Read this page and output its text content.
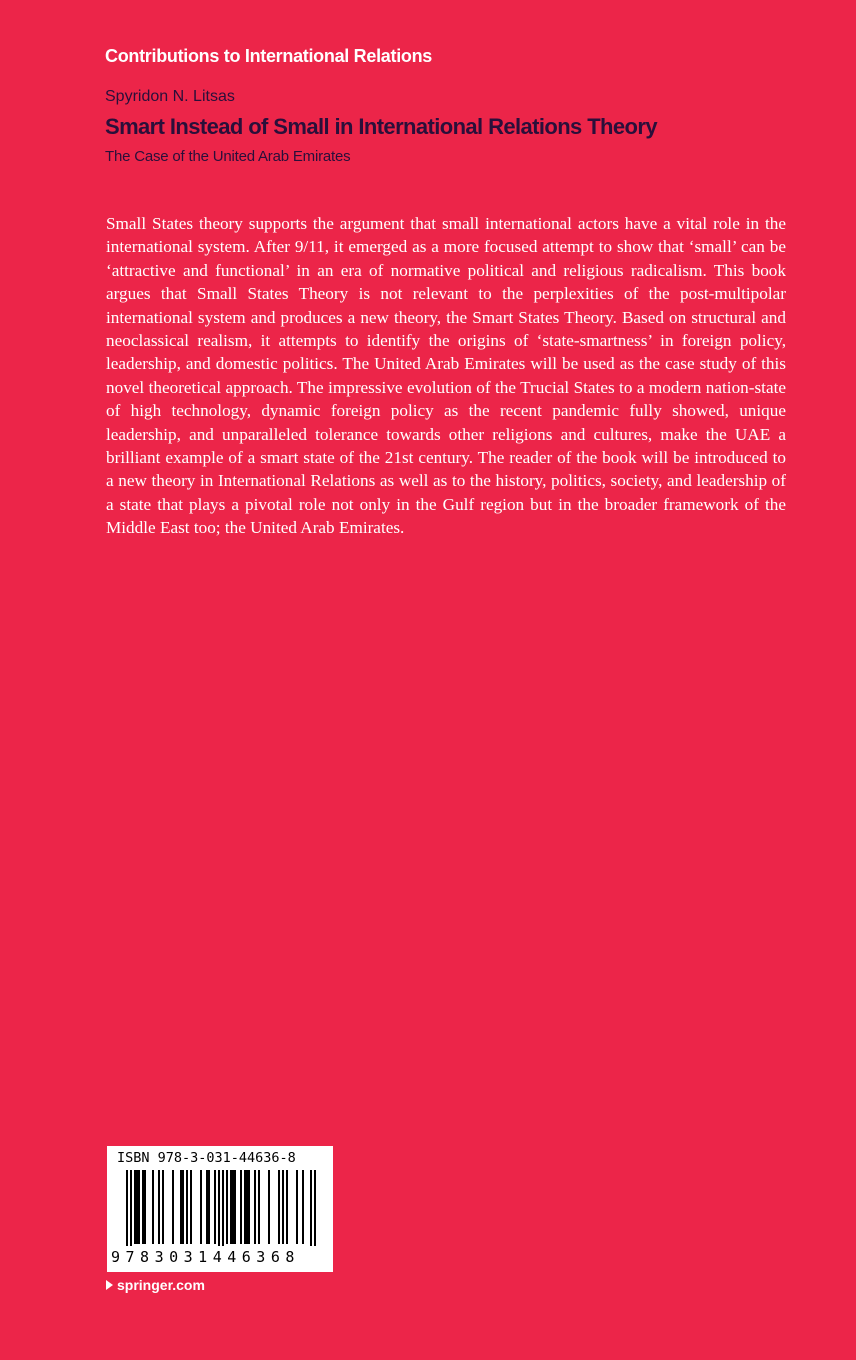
Contributions to International Relations
Spyridon N. Litsas
Smart Instead of Small in International Relations Theory
The Case of the United Arab Emirates

Small States theory supports the argument that small international actors have a vital role in the international system. After 9/11, it emerged as a more focused attempt to show that ‘small’ can be ‘attractive and functional’ in an era of normative political and religious radicalism. This book argues that Small States Theory is not relevant to the perplexities of the post-multipolar international system and produces a new theory, the Smart States Theory. Based on structural and neoclassical realism, it attempts to identify the origins of ‘state-smartness’ in foreign policy, leadership, and domestic politics. The United Arab Emirates will be used as the case study of this novel theoretical approach. The impressive evolution of the Trucial States to a modern nation-state of high technology, dynamic foreign policy as the recent pandemic fully showed, unique leadership, and unparalleled tolerance towards other religions and cultures, make the UAE a brilliant example of a smart state of the 21st century. The reader of the book will be introduced to a new theory in International Relations as well as to the history, politics, society, and leadership of a state that plays a pivotal role not only in the Gulf region but in the broader framework of the Middle East too; the United Arab Emirates.

ISBN 978-3-031-44636-8
9783031446368
springer.com
